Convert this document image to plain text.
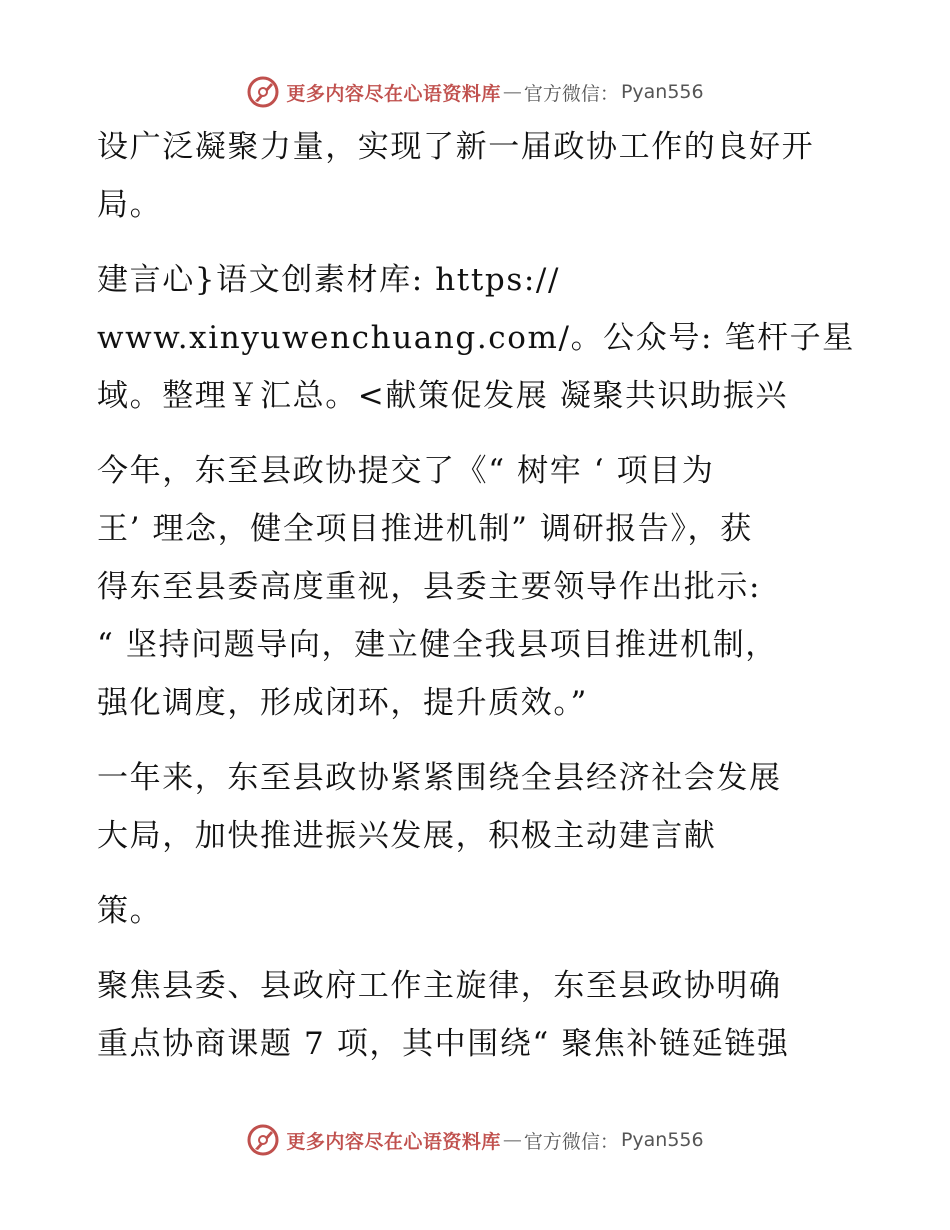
更多内容尽在心语资料库 — 官方微信： Pyan556
设广泛凝聚力量，实现了新一届政协工作的良好开
局。
建言心}语文创素材库: https://
www.xinyuwenchuang.com/。公众号: 笔杆子星
域。整理￥汇总。<献策促发展 凝聚共识助振兴
今年，东至县政协提交了《“ 树牢 ‘ 项目为
王’ 理念，健全项目推进机制” 调研报告》，获
得东至县委高度重视，县委主要领导作出批示:
“ 坚持问题导向，建立健全我县项目推进机制，
强化调度，形成闭环，提升质效。”
一年来，东至县政协紧紧围绕全县经济社会发展
大局，加快推进振兴发展，积极主动建言献
策。
聚焦县委、县政府工作主旋律，东至县政协明确
重点协商课题 7 项，其中围绕“ 聚焦补链延链强
更多内容尽在心语资料库 — 官方微信： Pyan556
